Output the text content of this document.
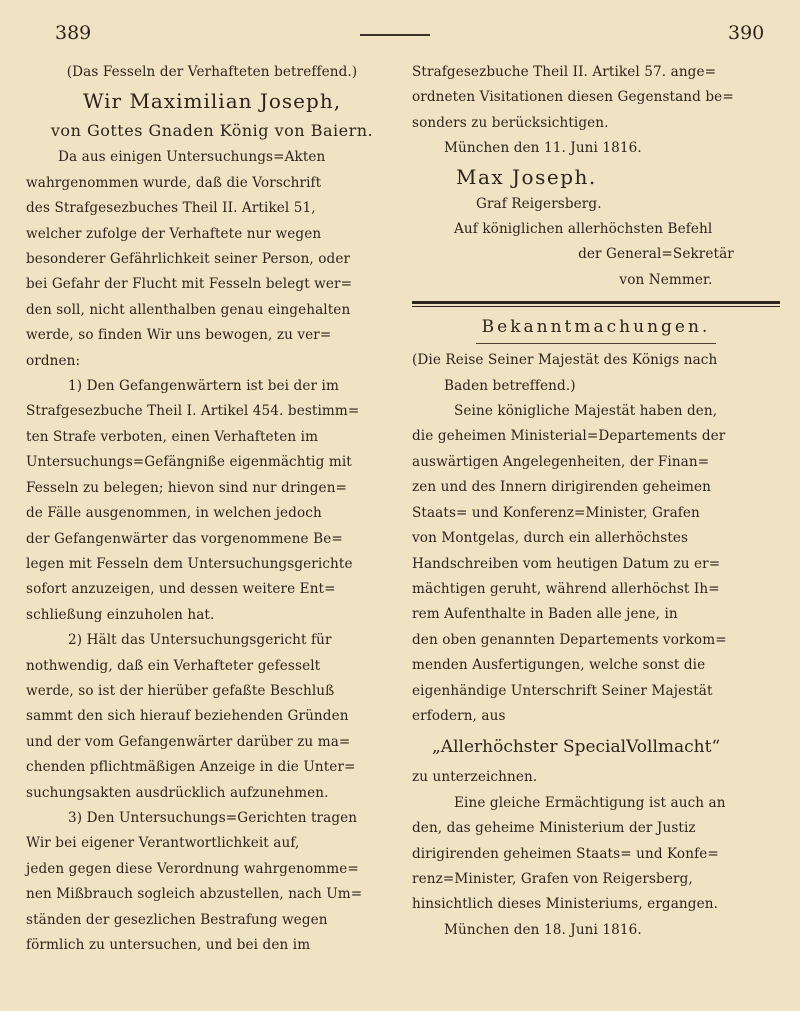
389	390
(Das Fesseln der Verhafteten betreffend.)
Wir Maximilian Joseph,
von Gottes Gnaden König von Baiern.
Da aus einigen Untersuchungs=Akten
wahrgenommen wurde, daß die Vorschrift
des Strafgesezbuches Theil II. Artikel 51,
welcher zufolge der Verhaftete nur wegen
besonderer Gefährlichkeit seiner Person, oder
bei Gefahr der Flucht mit Fesseln belegt wer=
den soll, nicht allenthalben genau eingehalten
werde, so finden Wir uns bewogen, zu ver=
ordnen:
1) Den Gefangenwärtern ist bei der im
Strafgesezbuche Theil I. Artikel 454. bestimm=
ten Strafe verboten, einen Verhafteten im
Untersuchungs=Gefängniße eigenmächtig mit
Fesseln zu belegen; hievon sind nur dringen=
de Fälle ausgenommen, in welchen jedoch
der Gefangenwärter das vorgenommene Be=
legen mit Fesseln dem Untersuchungsgerichte
sofort anzuzeigen, und dessen weitere Ent=
schließung einzuholen hat.
2) Hält das Untersuchungsgericht für
nothwendig, daß ein Verhafteter gefesselt
werde, so ist der hierüber gefaßte Beschluß
sammt den sich hierauf beziehenden Gründen
und der vom Gefangenwärter darüber zu ma=
chenden pflichtmäßigen Anzeige in die Unter=
suchungsakten ausdrücklich aufzunehmen.
3) Den Untersuchungs=Gerichten tragen
Wir bei eigener Verantwortlichkeit auf,
jeden gegen diese Verordnung wahrgenomme=
nen Mißbrauch sogleich abzustellen, nach Um=
ständen der gesezlichen Bestrafung wegen
förmlich zu untersuchen, und bei den im
Strafgesezbuche Theil II. Artikel 57. ange=
ordneten Visitationen diesen Gegenstand be=
sonders zu berücksichtigen.
München den 11. Juni 1816.
Max Joseph.
Graf Reigersberg.
Auf königlichen allerhöchsten Befehl
der General=Sekretär
von Nemmer.
Bekanntmachungen.
(Die Reise Seiner Majestät des Königs nach
Baden betreffend.)
Seine königliche Majestät haben den,
die geheimen Ministerial=Departements der
auswärtigen Angelegenheiten, der Finan=
zen und des Innern dirigirenden geheimen
Staats= und Konferenz=Minister, Grafen
von Montgelas, durch ein allerhöchstes
Handschreiben vom heutigen Datum zu er=
mächtigen geruht, während allerhöchst Ih=
rem Aufenthalte in Baden alle jene, in
den oben genannten Departements vorkom=
menden Ausfertigungen, welche sonst die
eigenhändige Unterschrift Seiner Majestät
erfodern, aus
„Allerhöchster SpecialVollmacht“
zu unterzeichnen.
Eine gleiche Ermächtigung ist auch an
den, das geheime Ministerium der Justiz
dirigirenden geheimen Staats= und Konfe=
renz=Minister, Grafen von Reigersberg,
hinsichtlich dieses Ministeriums, ergangen.
München den 18. Juni 1816.
